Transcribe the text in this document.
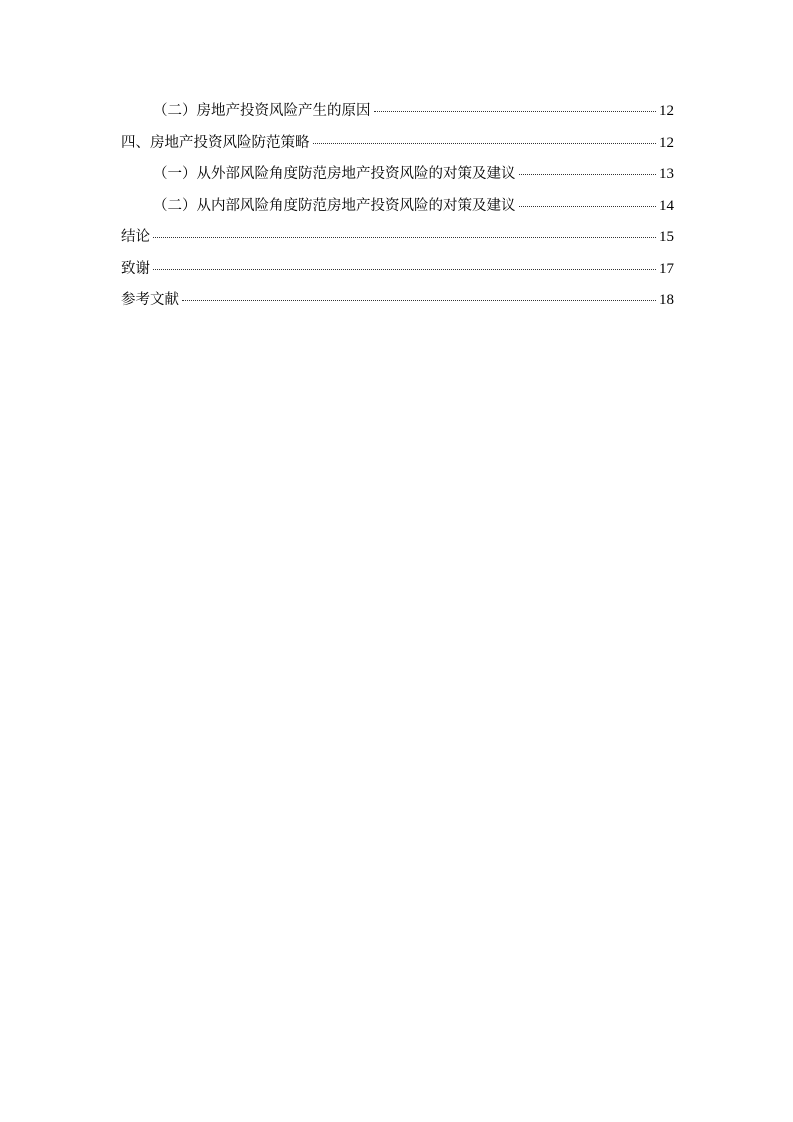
（二）房地产投资风险产生的原因	12
四、房地产投资风险防范策略	12
（一）从外部风险角度防范房地产投资风险的对策及建议	13
（二）从内部风险角度防范房地产投资风险的对策及建议	14
结论	15
致谢	17
参考文献	18
